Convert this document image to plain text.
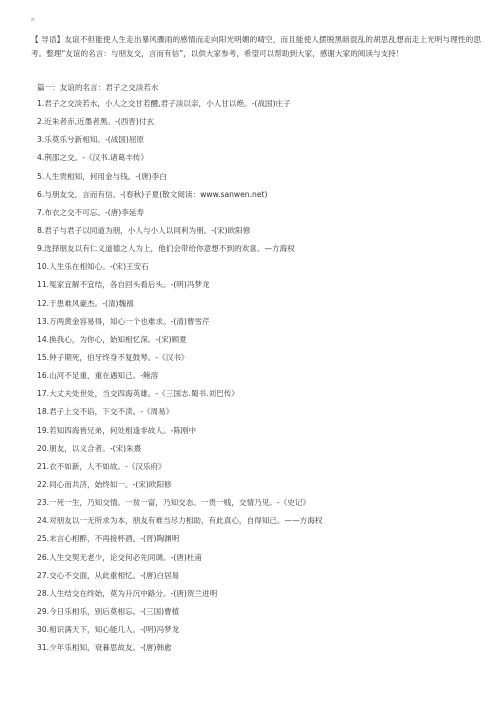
¤
【 导语】友谊不但能使人生走出暴风骤雨的感情而走向阳光明媚的晴空，而且能使人摆脱黑暗混乱的胡思乱想而走上光明与理性的思考。整理“友谊的名言：与朋友交，言而有信”，以供大家参考，希望可以帮助到大家，感谢大家的阅读与支持！
篇一：友谊的名言：君子之交淡若水
1.君子之交淡若水，小人之交甘若醴,君子淡以亲，小人甘以绝。-(战国)庄子
2.近朱者赤,近墨者黑。-(西晋)付玄
3.乐莫乐兮新相知。-(战国)屈原
4.荆邵之交。-《汉书.诸葛丰传》
5.人生贵相知，何用金与钱。-(唐)李白
6.与朋友交，言而有信。-(春秋)子夏(散文阅读：www.sanwen.net)
7.布衣之交不可忘。-(唐)李延寿
8.君子与君子以同道为朋，小人与小人以同利为朋。-(宋)欧阳修
9.选择朋友以有仁义道德之人为上，他们会带给你意想不到的欢喜。—方海权
10.人生乐在相知心。-(宋)王安石
11.冤家宜解不宜结，各自回头看后头。-(明)冯梦龙
12.于患难风豪杰。-(清)魏禧
13.万两黄金容易得，知心一个也难求。-(清)曹雪芹
14.换我心，为你心，始知相忆深。-(宋)顾夏
15.钟子期死，伯牙终身不复鼓琴。-《汉书》
16.山河不足重，重在遇知己。-鲍溶
17.大丈夫处世处，当交四海英雄。-《三国志.蜀书.刘巴传》
18.君子上交不谄，下交不渎。-《周易》
19.若知四海皆兄弟，何处相逢非故人。-陈刚中
20.朋友，以义合者。-(宋)朱熹
21.衣不如新，人不如故。-《汉乐府》
22.同心而共济，始终如一。-(宋)欧阳修
23.一死一生，乃知交情。一贫一富，乃知交态。一贵一贱，交情乃见。-《史记》
24.对朋友以一无所求为本，朋友有难当尽力相助，有此真心，自得知己。——方海权
25.末言心相醉，不再接杯酒。-(晋)陶渊明
26.人生交契无老少，论交何必先同调。-(唐)杜甫
27.交心不交面，从此重相忆。-(唐)白居易
28.人生结交在终始，莫为升沉中路分。-(唐)贺兰进明
29.今日乐相乐，别后莫相忘。-(三国)曹植
30.相识满天下，知心能几人。-(明)冯梦龙
31.少年乐相知，衰暮思故友。-(唐)韩愈
